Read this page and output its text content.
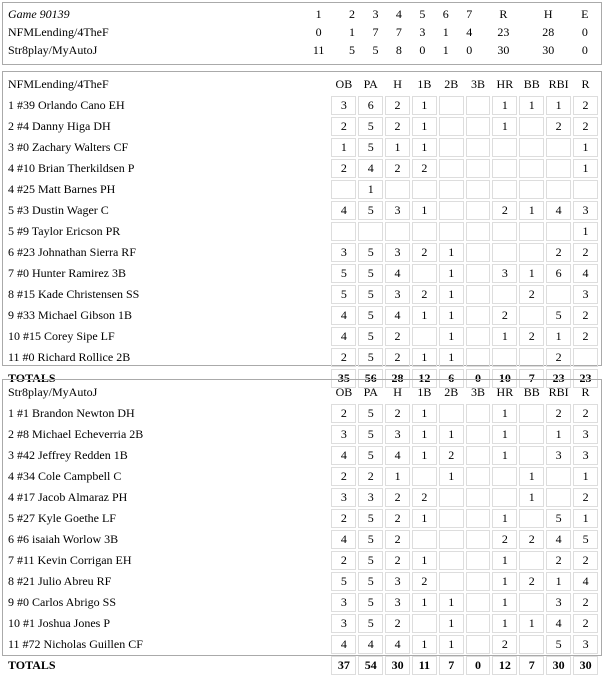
Game 90139	1	2	3	4	5	6	7	R	H	E
NFMLending/4TheF	0	1	7	7	3	1	4	23	28	0
Str8play/MyAutoJ	11	5	5	8	0	1	0	30	30	0
NFMLending/4TheF	OB	PA	H	1B	2B	3B	HR	BB	RBI	R
1 #39 Orlando Cano EH	3	6	2	1			1	1	1	2
2 #4 Danny Higa DH	2	5	2	1			1		2	2
3 #0 Zachary Walters CF	1	5	1	1						1
4 #10 Brian Therkildsen P	2	4	2	2						1
4 #25 Matt Barnes PH		1								
5 #3 Dustin Wager C	4	5	3	1			2	1	4	3
5 #9 Taylor Ericson PR										1
6 #23 Johnathan Sierra RF	3	5	3	2	1				2	2
7 #0 Hunter Ramirez 3B	5	5	4		1		3	1	6	4
8 #15 Kade Christensen SS	5	5	3	2	1			2		3
9 #33 Michael Gibson 1B	4	5	4	1	1		2		5	2
10 #15 Corey Sipe LF	4	5	2		1		1	2	1	2
11 #0 Richard Rollice 2B	2	5	2	1	1				2	
TOTALS	35	56	28	12	6	0	10	7	23	23
Str8play/MyAutoJ	OB	PA	H	1B	2B	3B	HR	BB	RBI	R
1 #1 Brandon Newton DH	2	5	2	1			1		2	2
2 #8 Michael Echeverria 2B	3	5	3	1	1		1		1	3
3 #42 Jeffrey Redden 1B	4	5	4	1	2		1		3	3
4 #34 Cole Campbell C	2	2	1		1			1		1
4 #17 Jacob Almaraz PH	3	3	2	2				1		2
5 #27 Kyle Goethe LF	2	5	2	1			1		5	1
6 #6 isaiah Worlow 3B	4	5	2				2	2	4	5
7 #11 Kevin Corrigan EH	2	5	2	1			1		2	2
8 #21 Julio Abreu RF	5	5	3	2			1	2	1	4
9 #0 Carlos Abrigo SS	3	5	3	1	1		1		3	2
10 #1 Joshua Jones P	3	5	2		1		1	1	4	2
11 #72 Nicholas Guillen CF	4	4	4	1	1		2		5	3
TOTALS	37	54	30	11	7	0	12	7	30	30
